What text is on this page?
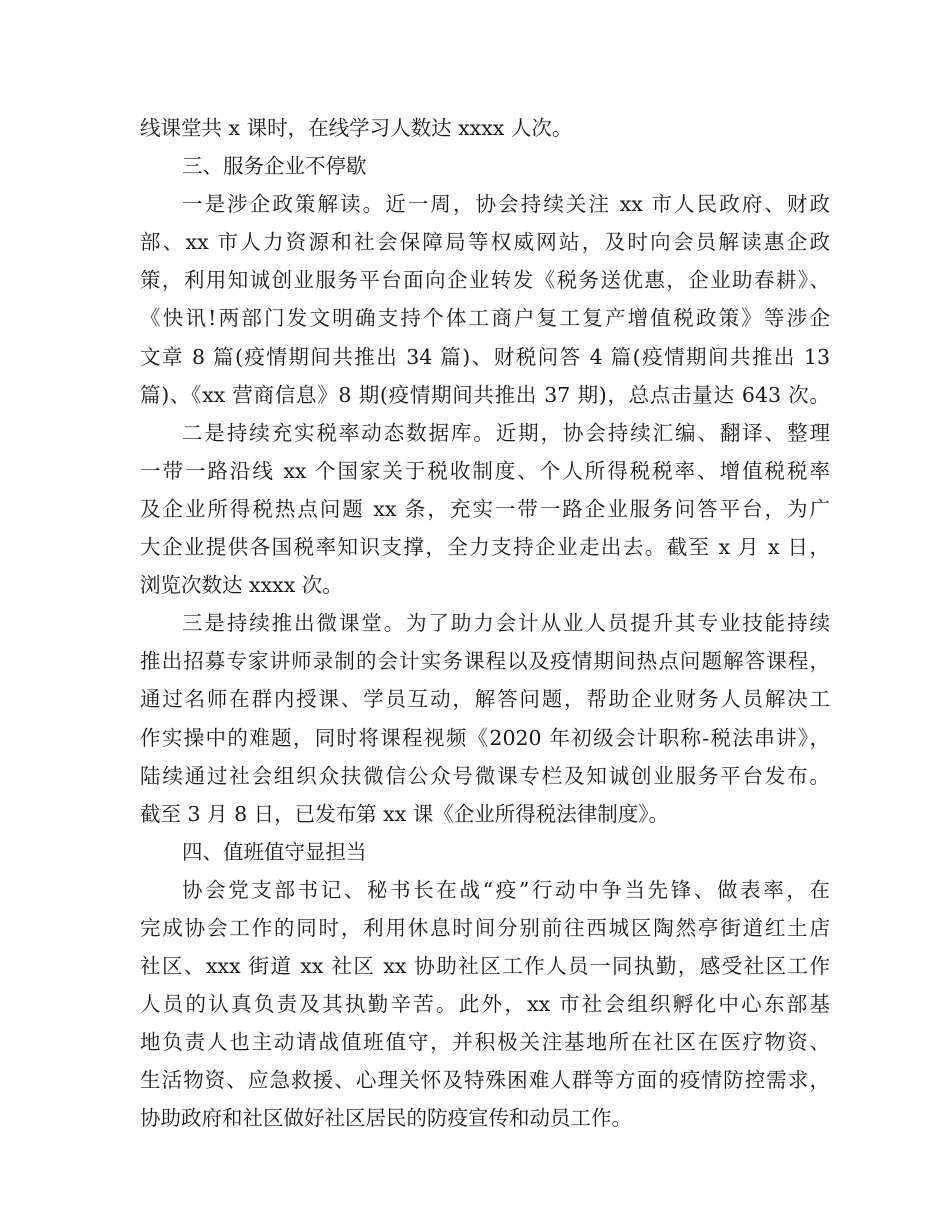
线课堂共 x 课时，在线学习人数达 xxxx 人次。
三、服务企业不停歇
一是涉企政策解读。近一周，协会持续关注 xx 市人民政府、财政
部、xx 市人力资源和社会保障局等权威网站，及时向会员解读惠企政
策，利用知诚创业服务平台面向企业转发《税务送优惠，企业助春耕》、
《快讯!两部门发文明确支持个体工商户复工复产增值税政策》等涉企
文章 8 篇(疫情期间共推出 34 篇)、财税问答 4 篇(疫情期间共推出 13
篇)、《xx 营商信息》8 期(疫情期间共推出 37 期)，总点击量达 643 次。
二是持续充实税率动态数据库。近期，协会持续汇编、翻译、整理
一带一路沿线 xx 个国家关于税收制度、个人所得税税率、增值税税率
及企业所得税热点问题 xx 条，充实一带一路企业服务问答平台，为广
大企业提供各国税率知识支撑，全力支持企业走出去。截至 x 月 x 日，
浏览次数达 xxxx 次。
三是持续推出微课堂。为了助力会计从业人员提升其专业技能持续
推出招募专家讲师录制的会计实务课程以及疫情期间热点问题解答课程，
通过名师在群内授课、学员互动，解答问题，帮助企业财务人员解决工
作实操中的难题，同时将课程视频《2020 年初级会计职称-税法串讲》，
陆续通过社会组织众扶微信公众号微课专栏及知诚创业服务平台发布。
截至 3 月 8 日，已发布第 xx 课《企业所得税法律制度》。
四、值班值守显担当
协会党支部书记、秘书长在战“疫”行动中争当先锋、做表率，在
完成协会工作的同时，利用休息时间分别前往西城区陶然亭街道红土店
社区、xxx 街道 xx 社区 xx 协助社区工作人员一同执勤，感受社区工作
人员的认真负责及其执勤辛苦。此外，xx 市社会组织孵化中心东部基
地负责人也主动请战值班值守，并积极关注基地所在社区在医疗物资、
生活物资、应急救援、心理关怀及特殊困难人群等方面的疫情防控需求，
协助政府和社区做好社区居民的防疫宣传和动员工作。
